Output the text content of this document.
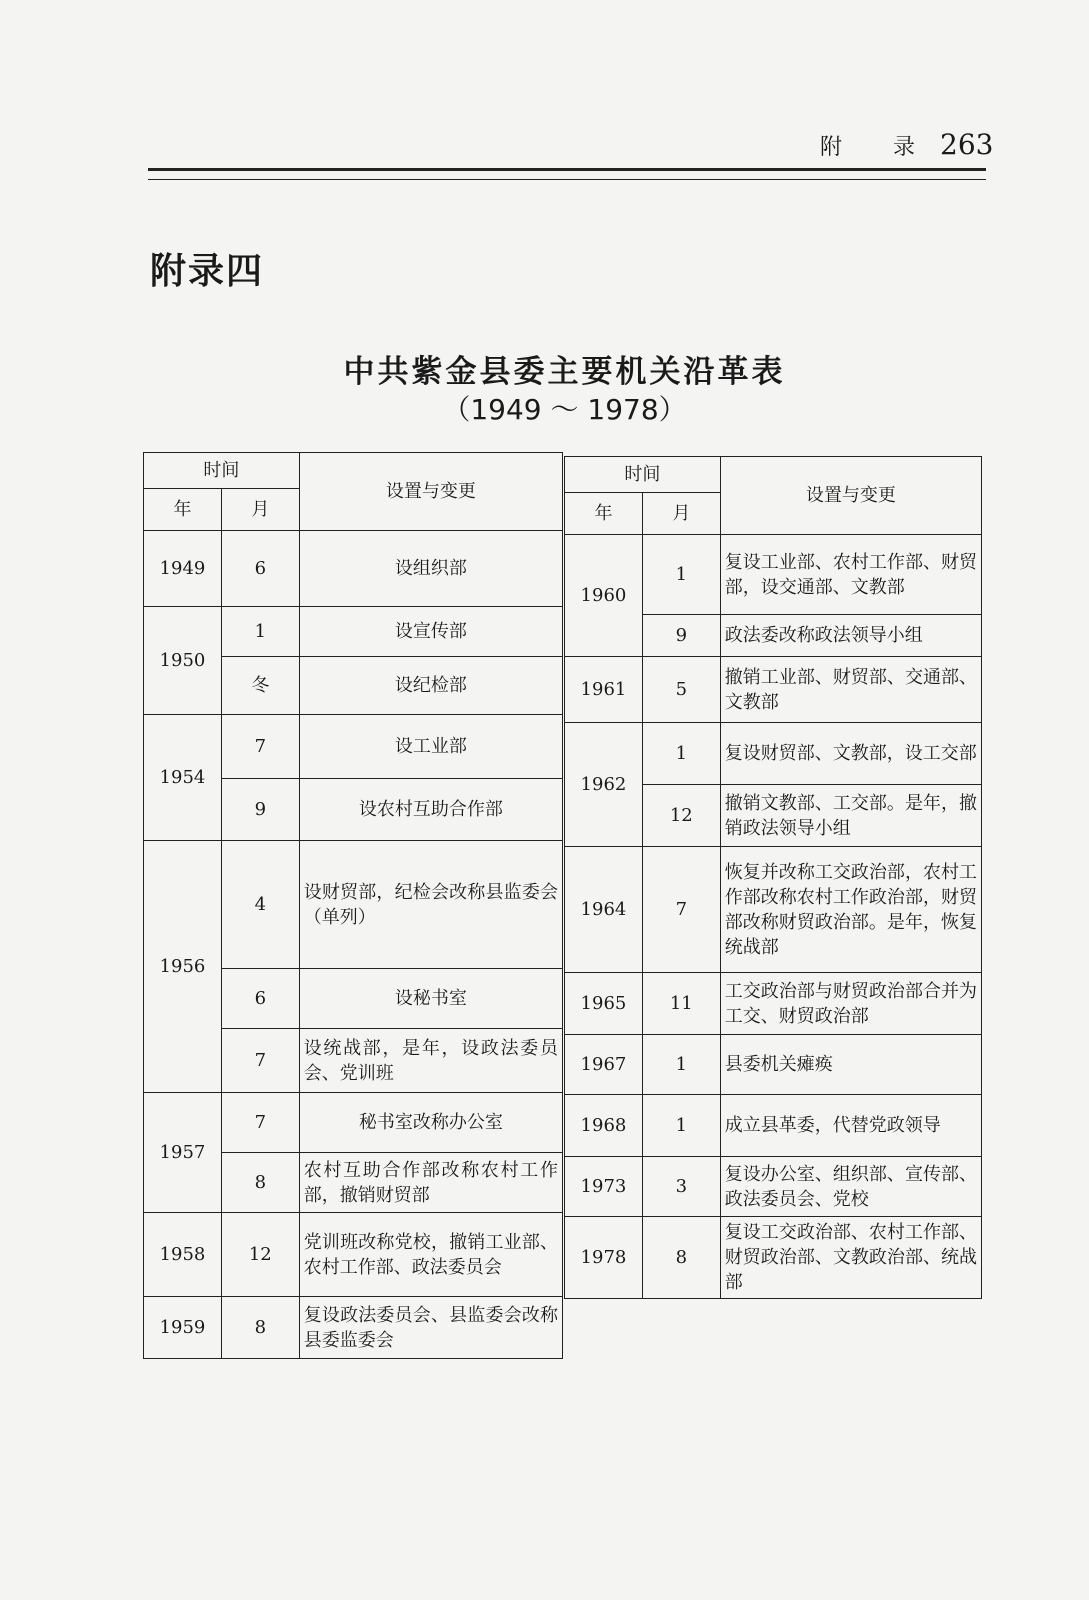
附 录 263
附录四
中共紫金县委主要机关沿革表
（1949 ～ 1978）
时间		设置与变更
年	月	
1949	6	设组织部
1950	1	设宣传部
	冬	设纪检部
1954	7	设工业部
	9	设农村互助合作部
1956	4	设财贸部，纪检会改称县监委会（单列）
	6	设秘书室
	7	设统战部，是年，设政法委员会、党训班
1957	7	秘书室改称办公室
	8	农村互助合作部改称农村工作部，撤销财贸部
1958	12	党训班改称党校，撤销工业部、农村工作部、政法委员会
1959	8	复设政法委员会、县监委会改称县委监委会
时间		设置与变更
年	月	
1960	1	复设工业部、农村工作部、财贸部，设交通部、文教部
	9	政法委改称政法领导小组
1961	5	撤销工业部、财贸部、交通部、文教部
1962	1	复设财贸部、文教部，设工交部
	12	撤销文教部、工交部。是年，撤销政法领导小组
1964	7	恢复并改称工交政治部，农村工作部改称农村工作政治部，财贸部改称财贸政治部。是年，恢复统战部
1965	11	工交政治部与财贸政治部合并为工交、财贸政治部
1967	1	县委机关瘫痪
1968	1	成立县革委，代替党政领导
1973	3	复设办公室、组织部、宣传部、政法委员会、党校
1978	8	复设工交政治部、农村工作部、财贸政治部、文教政治部、统战部
